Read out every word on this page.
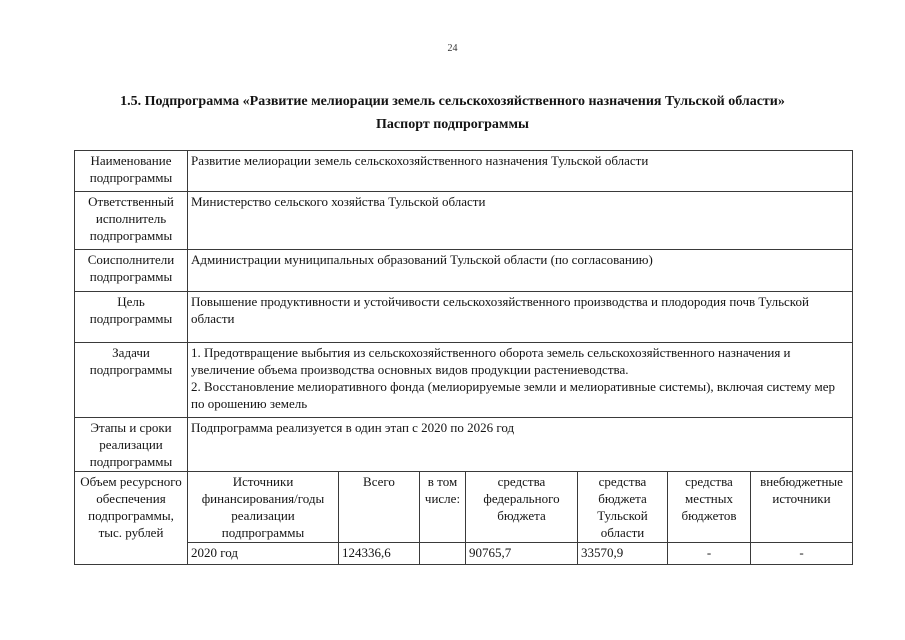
24
1.5. Подпрограмма «Развитие мелиорации земель сельскохозяйственного назначения Тульской области»
Паспорт подпрограммы
Наименование подпрограммы	Развитие мелиорации земель сельскохозяйственного назначения Тульской области						
Ответственный исполнитель подпрограммы	Министерство сельского хозяйства Тульской области						
Соисполнители подпрограммы	Администрации муниципальных образований Тульской области (по согласованию)						
Цель подпрограммы	Повышение продуктивности и устойчивости сельскохозяйственного производства и плодородия почв Тульской области						
Задачи подпрограммы	1. Предотвращение выбытия из сельскохозяйственного оборота земель сельскохозяйственного назначения и увеличение объема производства основных видов продукции растениеводства.
2. Восстановление мелиоративного фонда (мелиорируемые земли и мелиоративные системы), включая систему мер по орошению земель						

Этапы и сроки реализации подпрограммы	Подпрограмма реализуется в один этап с 2020 по 2026 год						
Объем ресурсного обеспечения подпрограммы, тыс. рублей	Источники финансирования/годы реализации подпрограммы	Всего	в том числе:	средства федерального бюджета	средства бюджета Тульской области	средства местных бюджетов	внебюджетные источники
	2020 год	124336,6		90765,7	33570,9	-	-
